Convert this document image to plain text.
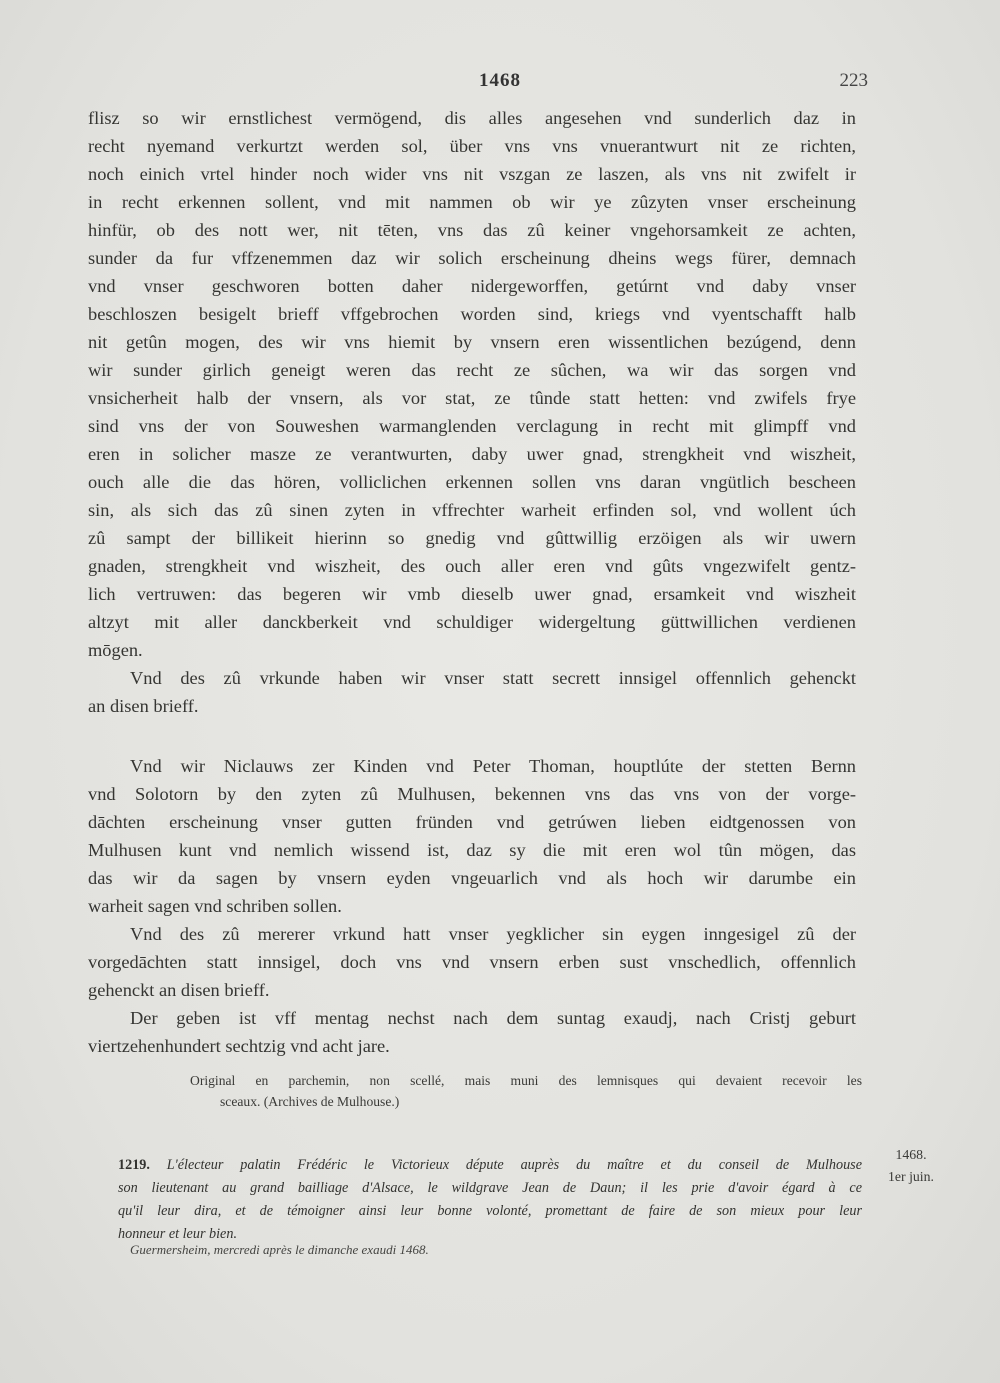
1468	223
flisz so wir ernstlichest vermögend, dis alles angesehen vnd sunderlich daz in
recht nyemand verkurtzt werden sol, über vns vns vnuerantwurt nit ze richten,
noch einich vrtel hinder noch wider vns nit vszgan ze laszen, als vns nit zwifelt ir
in recht erkennen sollent, vnd mit nammen ob wir ye zûzyten vnser erscheinung
hinfür, ob des nott wer, nit tēten, vns das zû keiner vngehorsamkeit ze achten,
sunder da fur vffzenemmen daz wir solich erscheinung dheins wegs fürer, demnach
vnd vnser geschworen botten daher nidergeworffen, getúrnt vnd daby vnser
beschloszen besigelt brieff vffgebrochen worden sind, kriegs vnd vyentschafft halb
nit getûn mogen, des wir vns hiemit by vnsern eren wissentlichen bezúgend, denn
wir sunder girlich geneigt weren das recht ze sûchen, wa wir das sorgen vnd
vnsicherheit halb der vnsern, als vor stat, ze tûnde statt hetten: vnd zwifels frye
sind vns der von Souweshen warmanglenden verclagung in recht mit glimpff vnd
eren in solicher masze ze verantwurten, daby uwer gnad, strengkheit vnd wiszheit,
ouch alle die das hören, volliclichen erkennen sollen vns daran vngütlich bescheen
sin, als sich das zû sinen zyten in vffrechter warheit erfinden sol, vnd wollent úch
zû sampt der billikeit hierinn so gnedig vnd gûttwillig erzöigen als wir uwern
gnaden, strengkheit vnd wiszheit, des ouch aller eren vnd gûts vngezwifelt gentz-
lich vertruwen: das begeren wir vmb dieselb uwer gnad, ersamkeit vnd wiszheit
altzyt mit aller danckberkeit vnd schuldiger widergeltung güttwillichen verdienen
mōgen.
Vnd des zû vrkunde haben wir vnser statt secrett innsigel offennlich gehenckt
an disen brieff.
Vnd wir Niclauws zer Kinden vnd Peter Thoman, houptlúte der stetten Bernn
vnd Solotorn by den zyten zû Mulhusen, bekennen vns das vns von der vorge-
dāchten erscheinung vnser gutten fründen vnd getrúwen lieben eidtgenossen von
Mulhusen kunt vnd nemlich wissend ist, daz sy die mit eren wol tûn mögen, das
das wir da sagen by vnsern eyden vngeuarlich vnd als hoch wir darumbe ein
warheit sagen vnd schriben sollen.
Vnd des zû mererer vrkund hatt vnser yegklicher sin eygen inngesigel zû der
vorgedāchten statt innsigel, doch vns vnd vnsern erben sust vnschedlich, offennlich
gehenckt an disen brieff.
Der geben ist vff mentag nechst nach dem suntag exaudj, nach Cristj geburt
viertzehenhundert sechtzig vnd acht jare.
Original en parchemin, non scellé, mais muni des lemnisques qui devaient recevoir les
sceaux. (Archives de Mulhouse.)
1219. L'électeur palatin Frédéric le Victorieux députe auprès du maître et du conseil de Mulhouse
son lieutenant au grand bailliage d'Alsace, le wildgrave Jean de Daun; il les prie d'avoir égard à ce
qu'il leur dira, et de témoigner ainsi leur bonne volonté, promettant de faire de son mieux pour leur
honneur et leur bien.
Guermersheim, mercredi après le dimanche exaudi 1468.
1468.
1er juin.
